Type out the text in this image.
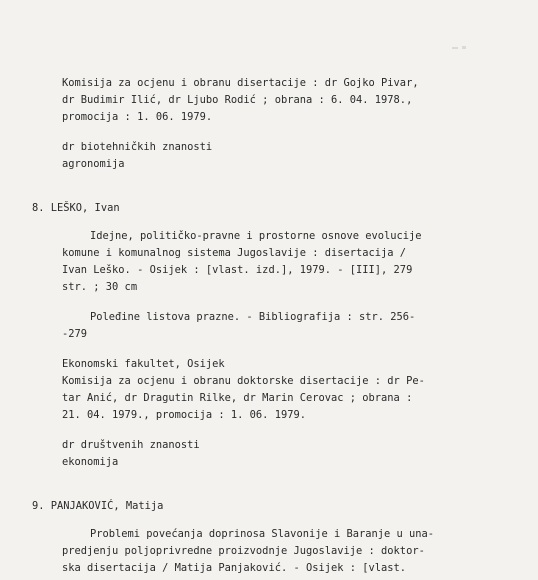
Komisija za ocjenu i obranu disertacije : dr Gojko Pivar,
dr Budimir Ilić, dr Ljubo Rodić ; obrana : 6. 04. 1978.,
promocija : 1. 06. 1979.
dr biotehničkih znanosti
agronomija
8. LEŠKO, Ivan
Idejne, političko-pravne i prostorne osnove evolucije
komune i komunalnog sistema Jugoslavije : disertacija /
Ivan Leško. - Osijek : [vlast. izd.], 1979. - [III], 279
str. ; 30 cm
Poleđine listova prazne. - Bibliografija : str. 256-
-279
Ekonomski fakultet, Osijek
Komisija za ocjenu i obranu doktorske disertacije : dr Pe-
tar Anić, dr Dragutin Rilke, dr Marin Cerovac ; obrana :
21. 04. 1979., promocija : 1. 06. 1979.
dr društvenih znanosti
ekonomija
9. PANJAKOVIĆ, Matija
Problemi povećanja doprinosa Slavonije i Baranje u una-
predjenju poljoprivredne proizvodnje Jugoslavije : doktor-
ska disertacija / Matija Panjaković. - Osijek : [vlast.
